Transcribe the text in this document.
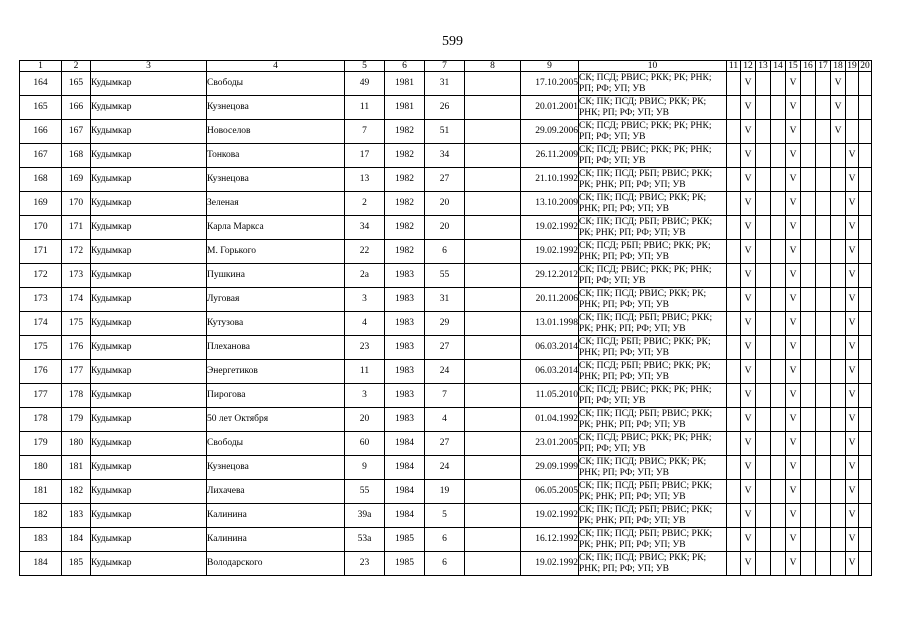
599
1	2	3	4	5	6	7	8	9	10	11	12	13	14	15	16	17	18	19	20
164	165	Кудымкар	Свободы	49	1981	31		17.10.2005	СК; ПСД; РВИС; РКК; РК; РНК; РП; РФ; УП; УВ		V			V			V		
165	166	Кудымкар	Кузнецова	11	1981	26		20.01.2001	СК; ПК; ПСД; РВИС; РКК; РК; РНК; РП; РФ; УП; УВ		V			V			V		
166	167	Кудымкар	Новоселов	7	1982	51		29.09.2006	СК; ПСД; РВИС; РКК; РК; РНК; РП; РФ; УП; УВ		V			V			V		
167	168	Кудымкар	Тонкова	17	1982	34		26.11.2009	СК; ПСД; РВИС; РКК; РК; РНК; РП; РФ; УП; УВ		V			V				V	
168	169	Кудымкар	Кузнецова	13	1982	27		21.10.1992	СК; ПК; ПСД; РБП; РВИС; РКК; РК; РНК; РП; РФ; УП; УВ		V			V				V	
169	170	Кудымкар	Зеленая	2	1982	20		13.10.2009	СК; ПК; ПСД; РВИС; РКК; РК; РНК; РП; РФ; УП; УВ		V			V				V	
170	171	Кудымкар	Карла Маркса	34	1982	20		19.02.1992	СК; ПК; ПСД; РБП; РВИС; РКК; РК; РНК; РП; РФ; УП; УВ		V			V				V	
171	172	Кудымкар	М. Горького	22	1982	6		19.02.1992	СК; ПСД; РБП; РВИС; РКК; РК; РНК; РП; РФ; УП; УВ		V			V				V	
172	173	Кудымкар	Пушкина	2а	1983	55		29.12.2012	СК; ПСД; РВИС; РКК; РК; РНК; РП; РФ; УП; УВ		V			V				V	
173	174	Кудымкар	Луговая	3	1983	31		20.11.2006	СК; ПК; ПСД; РВИС; РКК; РК; РНК; РП; РФ; УП; УВ		V			V				V	
174	175	Кудымкар	Кутузова	4	1983	29		13.01.1998	СК; ПК; ПСД; РБП; РВИС; РКК; РК; РНК; РП; РФ; УП; УВ		V			V				V	
175	176	Кудымкар	Плеханова	23	1983	27		06.03.2014	СК; ПСД; РБП; РВИС; РКК; РК; РНК; РП; РФ; УП; УВ		V			V				V	
176	177	Кудымкар	Энергетиков	11	1983	24		06.03.2014	СК; ПСД; РБП; РВИС; РКК; РК; РНК; РП; РФ; УП; УВ		V			V				V	
177	178	Кудымкар	Пирогова	3	1983	7		11.05.2010	СК; ПСД; РВИС; РКК; РК; РНК; РП; РФ; УП; УВ		V			V				V	
178	179	Кудымкар	50 лет Октября	20	1983	4		01.04.1992	СК; ПК; ПСД; РБП; РВИС; РКК; РК; РНК; РП; РФ; УП; УВ		V			V				V	
179	180	Кудымкар	Свободы	60	1984	27		23.01.2005	СК; ПСД; РВИС; РКК; РК; РНК; РП; РФ; УП; УВ		V			V				V	
180	181	Кудымкар	Кузнецова	9	1984	24		29.09.1999	СК; ПК; ПСД; РВИС; РКК; РК; РНК; РП; РФ; УП; УВ		V			V				V	
181	182	Кудымкар	Лихачева	55	1984	19		06.05.2005	СК; ПК; ПСД; РБП; РВИС; РКК; РК; РНК; РП; РФ; УП; УВ		V			V				V	
182	183	Кудымкар	Калинина	39а	1984	5		19.02.1992	СК; ПК; ПСД; РБП; РВИС; РКК; РК; РНК; РП; РФ; УП; УВ		V			V				V	
183	184	Кудымкар	Калинина	53а	1985	6		16.12.1992	СК; ПК; ПСД; РБП; РВИС; РКК; РК; РНК; РП; РФ; УП; УВ		V			V				V	
184	185	Кудымкар	Володарского	23	1985	6		19.02.1992	СК; ПК; ПСД; РВИС; РКК; РК; РНК; РП; РФ; УП; УВ		V			V				V	
